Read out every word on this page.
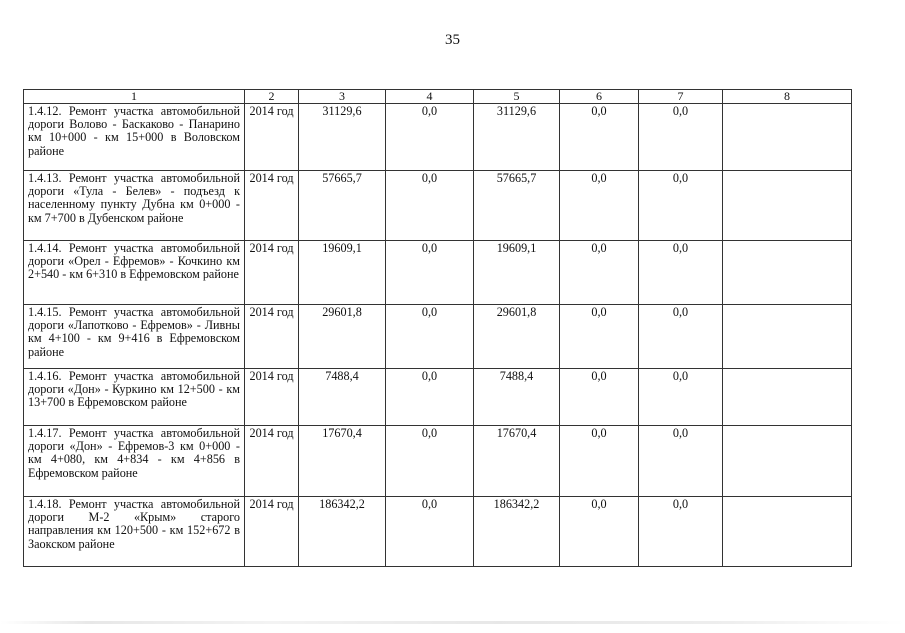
35
1	2	3	4	5	6	7	8
1.4.12. Ремонт участка автомобильной дороги Волово - Баскаково - Панарино км 10+000 - км 15+000 в Воловском районе	2014 год	31129,6	0,0	31129,6	0,0	0,0	
1.4.13. Ремонт участка автомобильной дороги «Тула - Белев» - подъезд к населенному пункту Дубна км 0+000 - км 7+700 в Дубенском районе	2014 год	57665,7	0,0	57665,7	0,0	0,0	
1.4.14. Ремонт участка автомобильной дороги «Орел - Ефремов» - Кочкино км 2+540 - км 6+310 в Ефремовском районе	2014 год	19609,1	0,0	19609,1	0,0	0,0	
1.4.15. Ремонт участка автомобильной дороги «Лапотково - Ефремов» - Ливны км 4+100 - км 9+416 в Ефремовском районе	2014 год	29601,8	0,0	29601,8	0,0	0,0	
1.4.16. Ремонт участка автомобильной дороги «Дон» - Куркино км 12+500 - км 13+700 в Ефремовском районе	2014 год	7488,4	0,0	7488,4	0,0	0,0	
1.4.17. Ремонт участка автомобильной дороги «Дон» - Ефремов-3 км 0+000 - км 4+080, км 4+834 - км 4+856 в Ефремовском районе	2014 год	17670,4	0,0	17670,4	0,0	0,0	
1.4.18. Ремонт участка автомобильной дороги М-2 «Крым» старого направления км 120+500 - км 152+672 в Заокском районе	2014 год	186342,2	0,0	186342,2	0,0	0,0	
